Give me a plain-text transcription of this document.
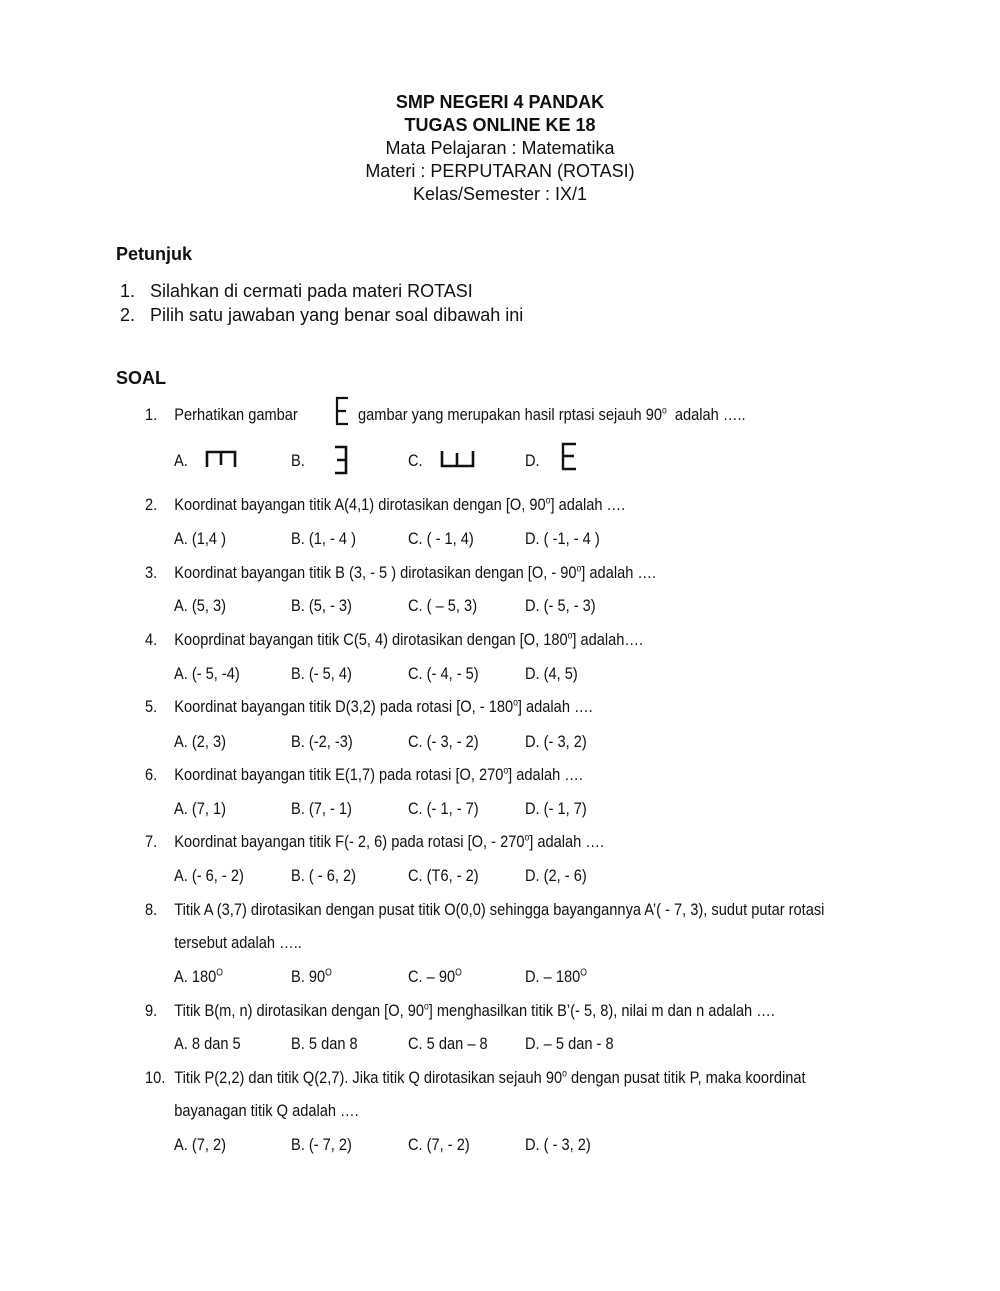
SMP NEGERI 4 PANDAK
TUGAS ONLINE KE 18
Mata Pelajaran : Matematika
Materi : PERPUTARAN (ROTASI)
Kelas/Semester : IX/1
Petunjuk
1. Silahkan di cermati pada materi ROTASI
2. Pilih satu jawaban yang benar soal dibawah ini
SOAL
1. Perhatikan gambar	gambar yang merupakan hasil rptasi sejauh 90$^o$ adalah …..
A.	B.	C.	D.
2. Koordinat bayangan titik A(4,1) dirotasikan dengan [O, 90$^o$] adalah ….
A. (1,4 )	B. (1, - 4 )	C. ( - 1, 4)	D. ( -1, - 4 )
3. Koordinat bayangan titik B (3, - 5 ) dirotasikan dengan [O, - 90$^o$] adalah ….
A. (5, 3)	B. (5, - 3)	C. ( – 5, 3)	D. (- 5, - 3)
4. Kooprdinat bayangan titik C(5, 4) dirotasikan dengan [O, 180$^o$] adalah….
A. (- 5, -4)	B. (- 5, 4)	C. (- 4, - 5)	D. (4, 5)
5. Koordinat bayangan titik D(3,2) pada rotasi [O, - 180$^o$] adalah ….
A. (2, 3)	B. (-2, -3)	C. (- 3, - 2)	D. (- 3, 2)
6. Koordinat bayangan titik E(1,7) pada rotasi [O, 270$^o$] adalah ….
A. (7, 1)	B. (7, - 1)	C. (- 1, - 7)	D. (- 1, 7)
7. Koordinat bayangan titik F(- 2, 6) pada rotasi [O, - 270$^o$] adalah ….
A. (- 6, - 2)	B. ( - 6, 2)	C. (T6, - 2)	D. (2, - 6)
8. Titik A (3,7) dirotasikan dengan pusat titik O(0,0) sehingga bayangannya A’( - 7, 3), sudut putar rotasi
tersebut adalah …..
A. $180^O$	B. $90^O$	C. – $90^O$	D. – $180^O$
9. Titik B(m, n) dirotasikan dengan [O, 90$^o$] menghasilkan titik B’(- 5, 8), nilai m dan n adalah ….
A. 8 dan 5	B. 5 dan 8	C. 5 dan – 8 D. – 5 dan - 8
10. Titik P(2,2) dan titik Q(2,7). Jika titik Q dirotasikan sejauh 90$^o$ dengan pusat titik P, maka koordinat
bayanagan titik Q adalah ….
A. (7, 2)	B. (- 7, 2)	C. (7, - 2)	D. ( - 3, 2)
